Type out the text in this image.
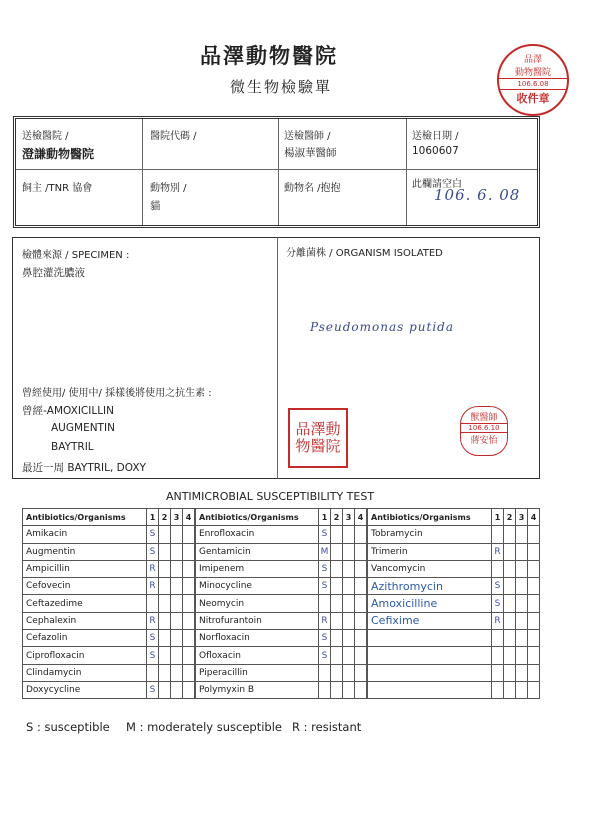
品澤動物醫院
微生物檢驗單
品澤
動物醫院
106.6.08
收件章
送檢醫院 /
澄謙動物醫院
醫院代碼 /	送檢醫師 /
楊淑華醫師
送檢日期 /
1060607
飼主 /TNR 協會	動物別 /
貓
動物名 /抱抱	此欄請空白
106. 6. 08
檢體來源 / SPECIMEN :
鼻腔灌洗膿液
曾經使用/ 使用中/ 採樣後將使用之抗生素 :
曾經-AMOXICILLIN
AUGMENTIN
BAYTRIL
最近一周 BAYTRIL, DOXY
分離菌株 / ORGANISM ISOLATED
Pseudomonas putida
品澤動物醫院
獸醫師
106.6.10
蔣安怡
ANTIMICROBIAL SUSCEPTIBILITY TEST
Antibiotics/Organisms	1	2	3	4
Amikacin	S			
Augmentin	S			
Ampicillin	R			
Cefovecin	R			
Ceftazedime				
Cephalexin	R			
Cefazolin	S			
Ciprofloxacin	S			
Clindamycin				
Doxycycline	S			
Antibiotics/Organisms	1	2	3	4
Enrofloxacin	S			
Gentamicin	M			
Imipenem	S			
Minocycline	S			
Neomycin				
Nitrofurantoin	R			
Norfloxacin	S			
Ofloxacin	S			
Piperacillin				
Polymyxin B				
Antibiotics/Organisms	1	2	3	4
Tobramycin				
Trimerin	R			
Vancomycin				
Azithromycin	S			
Amoxicilline	S			
Cefixime	R			

S : susceptible M : moderately susceptible R : resistant
